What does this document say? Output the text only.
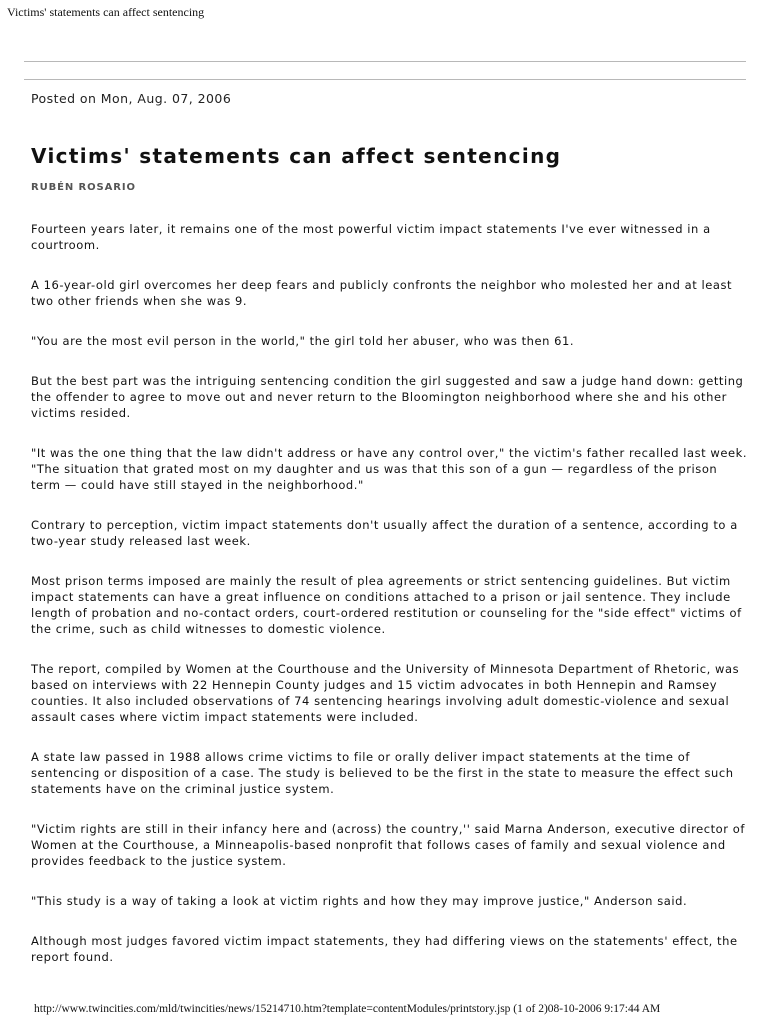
Victims' statements can affect sentencing
Posted on Mon, Aug. 07, 2006
Victims' statements can affect sentencing
RUBÉN ROSARIO

Fourteen years later, it remains one of the most powerful victim impact statements I've ever witnessed in a courtroom.

A 16-year-old girl overcomes her deep fears and publicly confronts the neighbor who molested her and at least two other friends when she was 9.

"You are the most evil person in the world," the girl told her abuser, who was then 61.

But the best part was the intriguing sentencing condition the girl suggested and saw a judge hand down: getting the offender to agree to move out and never return to the Bloomington neighborhood where she and his other victims resided.

"It was the one thing that the law didn't address or have any control over," the victim's father recalled last week. "The situation that grated most on my daughter and us was that this son of a gun — regardless of the prison term — could have still stayed in the neighborhood."

Contrary to perception, victim impact statements don't usually affect the duration of a sentence, according to a two-year study released last week.

Most prison terms imposed are mainly the result of plea agreements or strict sentencing guidelines. But victim impact statements can have a great influence on conditions attached to a prison or jail sentence. They include length of probation and no-contact orders, court-ordered restitution or counseling for the "side effect" victims of the crime, such as child witnesses to domestic violence.

The report, compiled by Women at the Courthouse and the University of Minnesota Department of Rhetoric, was based on interviews with 22 Hennepin County judges and 15 victim advocates in both Hennepin and Ramsey counties. It also included observations of 74 sentencing hearings involving adult domestic-violence and sexual assault cases where victim impact statements were included.

A state law passed in 1988 allows crime victims to file or orally deliver impact statements at the time of sentencing or disposition of a case. The study is believed to be the first in the state to measure the effect such statements have on the criminal justice system.

"Victim rights are still in their infancy here and (across) the country,'' said Marna Anderson, executive director of Women at the Courthouse, a Minneapolis-based nonprofit that follows cases of family and sexual violence and provides feedback to the justice system.

"This study is a way of taking a look at victim rights and how they may improve justice," Anderson said.

Although most judges favored victim impact statements, they had differing views on the statements' effect, the report found.

http://www.twincities.com/mld/twincities/news/15214710.htm?template=contentModules/printstory.jsp (1 of 2)08-10-2006 9:17:44 AM
